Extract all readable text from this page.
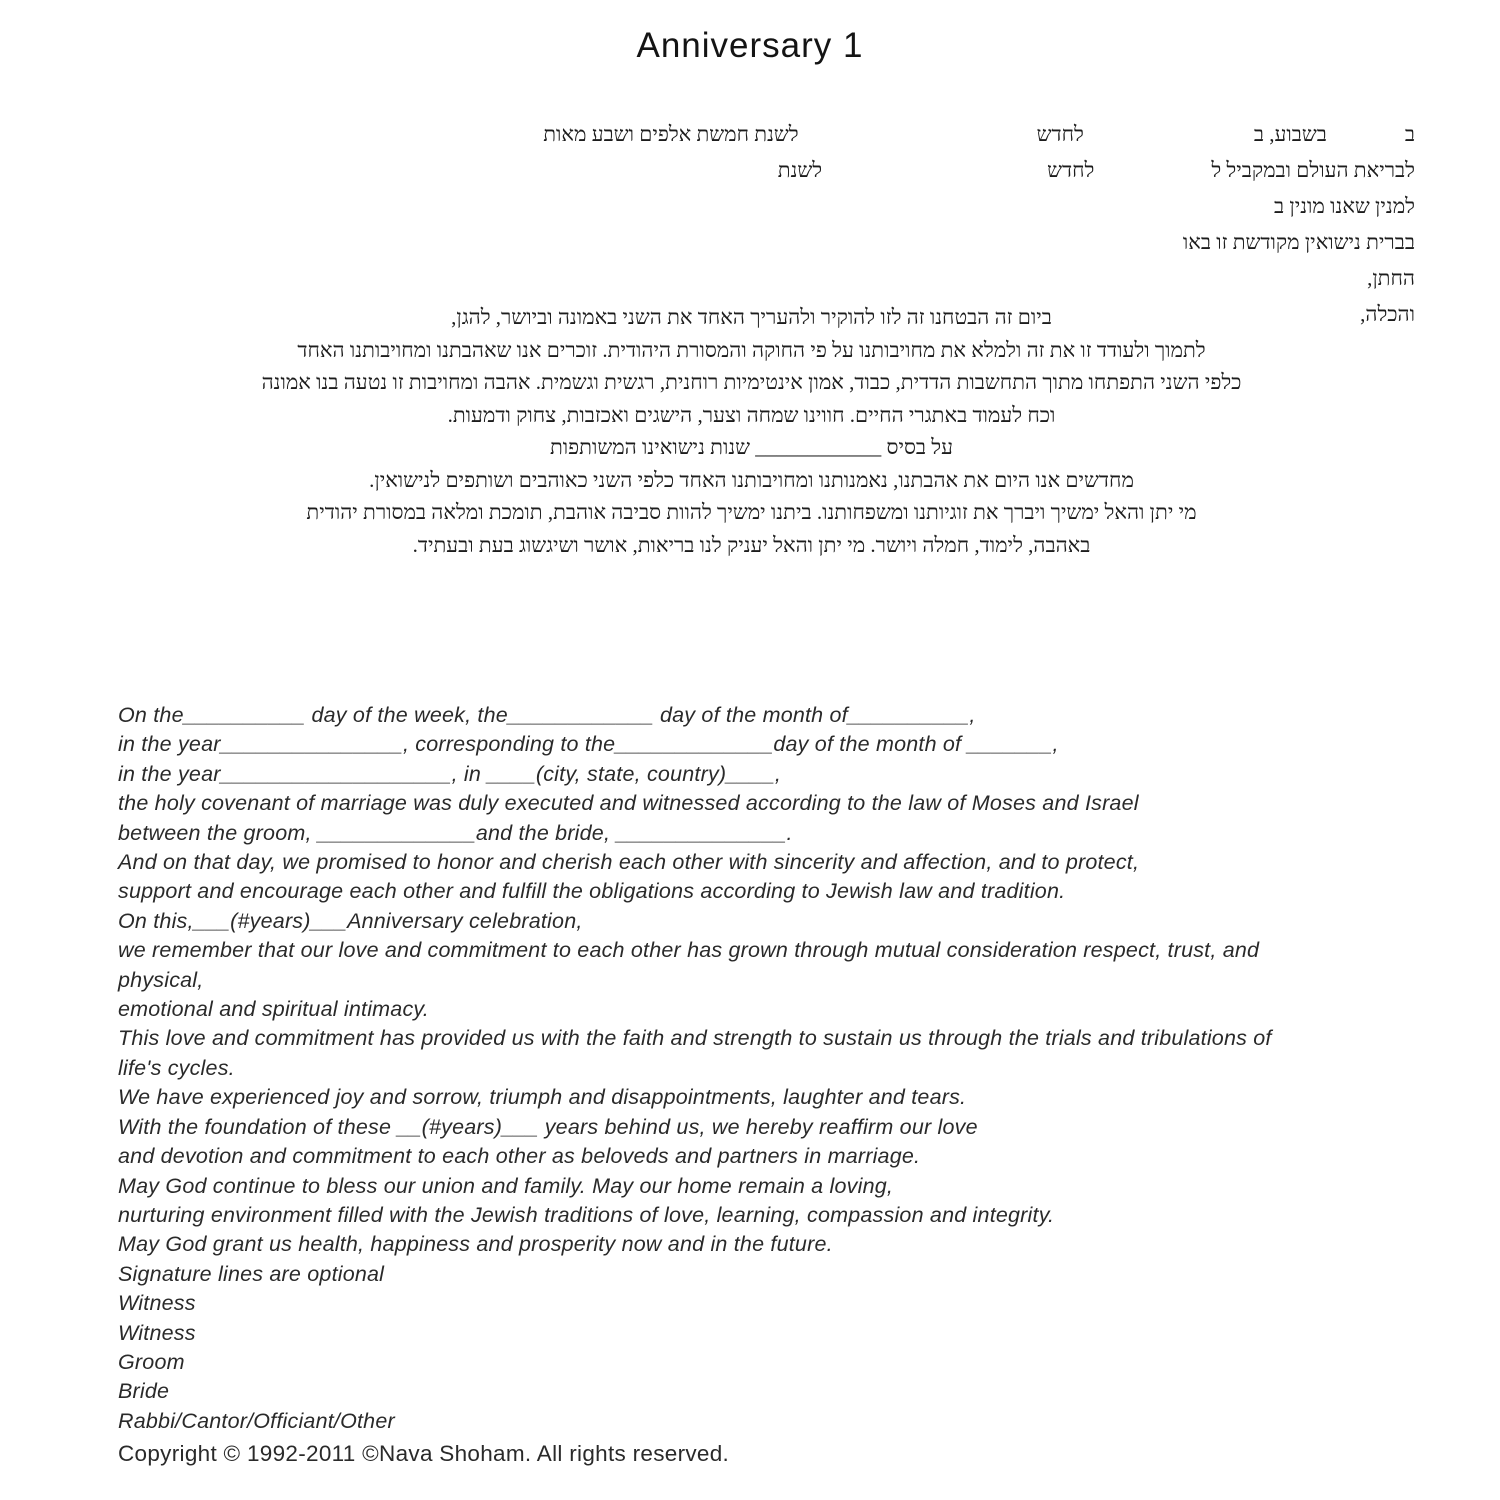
Anniversary 1
בבשבוע, בלחדשלשנת חמשת אלפים ושבע מאות
לבריאת העולם ובמקביל ללחדשלשנת
למנין שאנו מונין ב
בברית נישואין מקודשת זו באו
החתן,
והכלה,
ביום זה הבטחנו זה לזו להוקיר ולהעריך האחד את השני באמונה וביושר, להגן,
לתמוך ולעודד זו את זה ולמלא את מחויבותנו על פי החוקה והמסורת היהודית. זוכרים אנו שאהבתנו ומחויבותנו האחד
כלפי השני התפתחו מתוך התחשבות הדדית, כבוד, אמון אינטימיות רוחנית, רגשית וגשמית. אהבה ומחויבות זו נטעה בנו אמונה
וכח לעמוד באתגרי החיים. חווינו שמחה וצער, הישגים ואכזבות, צחוק ודמעות.
על בסיס ____________ שנות נישואינו המשותפות
מחדשים אנו היום את אהבתנו, נאמנותנו ומחויבותנו האחד כלפי השני כאוהבים ושותפים לנישואין.
מי יתן והאל ימשיך ויברך את זוגיותנו ומשפחותנו. ביתנו ימשיך להוות סביבה אוהבת, תומכת ומלאה במסורת יהודית
באהבה, לימוד, חמלה ויושר. מי יתן והאל יעניק לנו בריאות, אושר ושיגשוג בעת ובעתיד.
On the__________ day of the week, the____________ day of the month of__________,
in the year_______________, corresponding to the_____________day of the month of _______,
in the year___________________, in ____(city, state, country)____,
the holy covenant of marriage was duly executed and witnessed according to the law of Moses and Israel
between the groom, _____________and the bride, ______________.
And on that day, we promised to honor and cherish each other with sincerity and affection, and to protect,
support and encourage each other and fulfill the obligations according to Jewish law and tradition.
On this,___(#years)___Anniversary celebration,
we remember that our love and commitment to each other has grown through mutual consideration respect, trust, and
physical,
emotional and spiritual intimacy.
This love and commitment has provided us with the faith and strength to sustain us through the trials and tribulations of
life's cycles.
We have experienced joy and sorrow, triumph and disappointments, laughter and tears.
With the foundation of these __(#years)___ years behind us, we hereby reaffirm our love
and devotion and commitment to each other as beloveds and partners in marriage.
May God continue to bless our union and family. May our home remain a loving,
nurturing environment filled with the Jewish traditions of love, learning, compassion and integrity.
May God grant us health, happiness and prosperity now and in the future.
Signature lines are optional
Witness
Witness
Groom
Bride
Rabbi/Cantor/Officiant/Other
Copyright © 1992-2011 ©Nava Shoham. All rights reserved.
